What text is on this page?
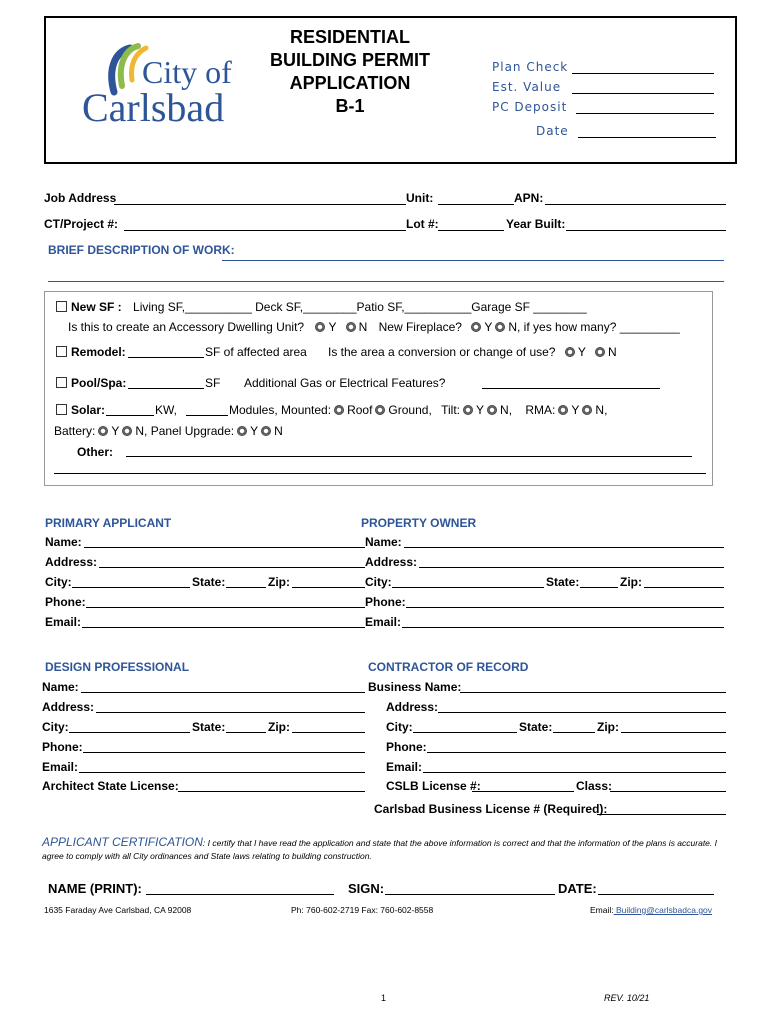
City of
Carlsbad
RESIDENTIAL
BUILDING PERMIT
APPLICATION
B-1
Plan Check
Est. Value
PC Deposit
Date
Job Address	Unit:	APN:
CT/Project #:	Lot #:	Year Built:
BRIEF DESCRIPTION OF WORK:
New SF : Living SF,__________ Deck SF,________Patio SF,__________Garage SF ________
Is this to create an Accessory Dwelling Unit? Y N New Fireplace? Y N, if yes how many? _________
Remodel:	SF of affected area Is the area a conversion or change of use? Y N
Pool/Spa:	SF Additional Gas or Electrical Features?
Solar:	KW,	Modules, Mounted: Roof Ground, Tilt: Y N, RMA: Y N,
Battery: Y N, Panel Upgrade: Y N
Other:
PRIMARY APPLICANT	PROPERTY OWNER
Name:	Name:
Address:	Address:
City:	State:	Zip:	City:	State:	Zip:
Phone:	Phone:
Email:	Email:
DESIGN PROFESSIONAL	CONTRACTOR OF RECORD
Name:	Business Name:
Address:	Address:
City:	State:	Zip:	City:	State:	Zip:
Phone:	Phone:
Email:	Email:
Architect State License:	CSLB License #:	Class:
Carlsbad Business License # (Required):
APPLICANT CERTIFICATION: I certify that I have read the application and state that the above information is correct and that the information of the plans is accurate. I
agree to comply with all City ordinances and State laws relating to building construction.
NAME (PRINT):	SIGN:	DATE:
1635 Faraday Ave Carlsbad, CA 92008	Ph: 760-602-2719 Fax: 760-602-8558	Email: Building@carlsbadca.gov
1	REV. 10/21
